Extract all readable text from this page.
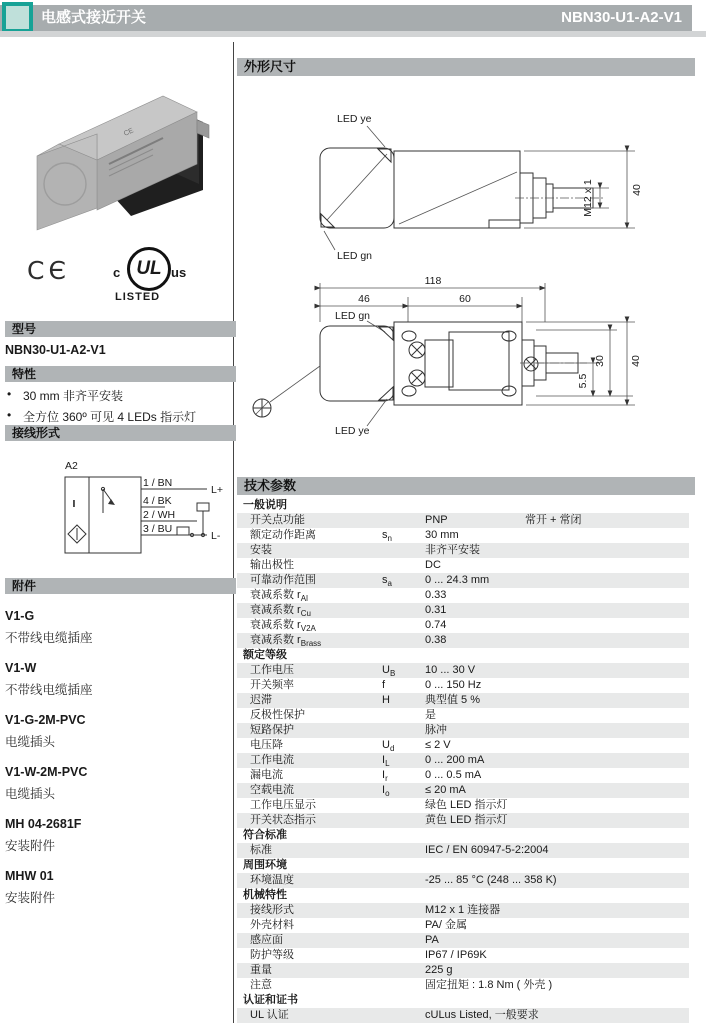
电感式接近开关	NBN30-U1-A2-V1
CE
CЄ	c UL us
LISTED
型号
NBN30-U1-A2-V1
特性
• 30 mm 非齐平安装
• 全方位 360º 可见 4 LEDs 指示灯
接线形式
A2
I
1 / BN
4 / BK
2 / WH
3 / BU
L+
L-
附件
V1-G
不带线电缆插座
V1-W
不带线电缆插座
V1-G-2M-PVC
电缆插头
V1-W-2M-PVC
电缆插头
MH 04-2681F
安装附件
MHW 01
安装附件
外形尺寸
LED ye
M12 x 1	40
LED gn
118
46	60
LED gn
5.5
30 40
LED ye
技术参数
一般说明
开关点功能	PNP	常开 + 常闭
额定动作距离	$s_n$	30 mm
安装	非齐平安装
输出极性	DC
可靠动作范围	$s_a$	0 ... 24.3 mm
衰减系数 $r_{Al}$	0.33
衰减系数 $r_{Cu}$	0.31
衰减系数 $r_{V2A}$	0.74
衰减系数 $r_{Brass}$	0.38
额定等级
工作电压	$U_B$	10 ... 30 V
开关频率	f	0 ... 150 Hz
迟滞	H	典型值 5 %
反极性保护	是
短路保护	脉冲
电压降	$U_d$	≤ 2 V
工作电流	$I_L$	0 ... 200 mA
漏电流	$I_r$	0 ... 0.5 mA
空载电流	$I_o$	≤ 20 mA
工作电压显示	绿色 LED 指示灯
开关状态指示	黄色 LED 指示灯
符合标准
标准	IEC / EN 60947-5-2:2004
周围环境
环境温度	-25 ... 85 °C (248 ... 358 K)
机械特性
接线形式	M12 x 1 连接器
外壳材料	PA/ 金属
感应面	PA
防护等级	IP67 / IP69K
重量	225 g
注意	固定扭矩 : 1.8 Nm ( 外壳 )
认证和证书
UL 认证	cULus Listed, 一般要求
